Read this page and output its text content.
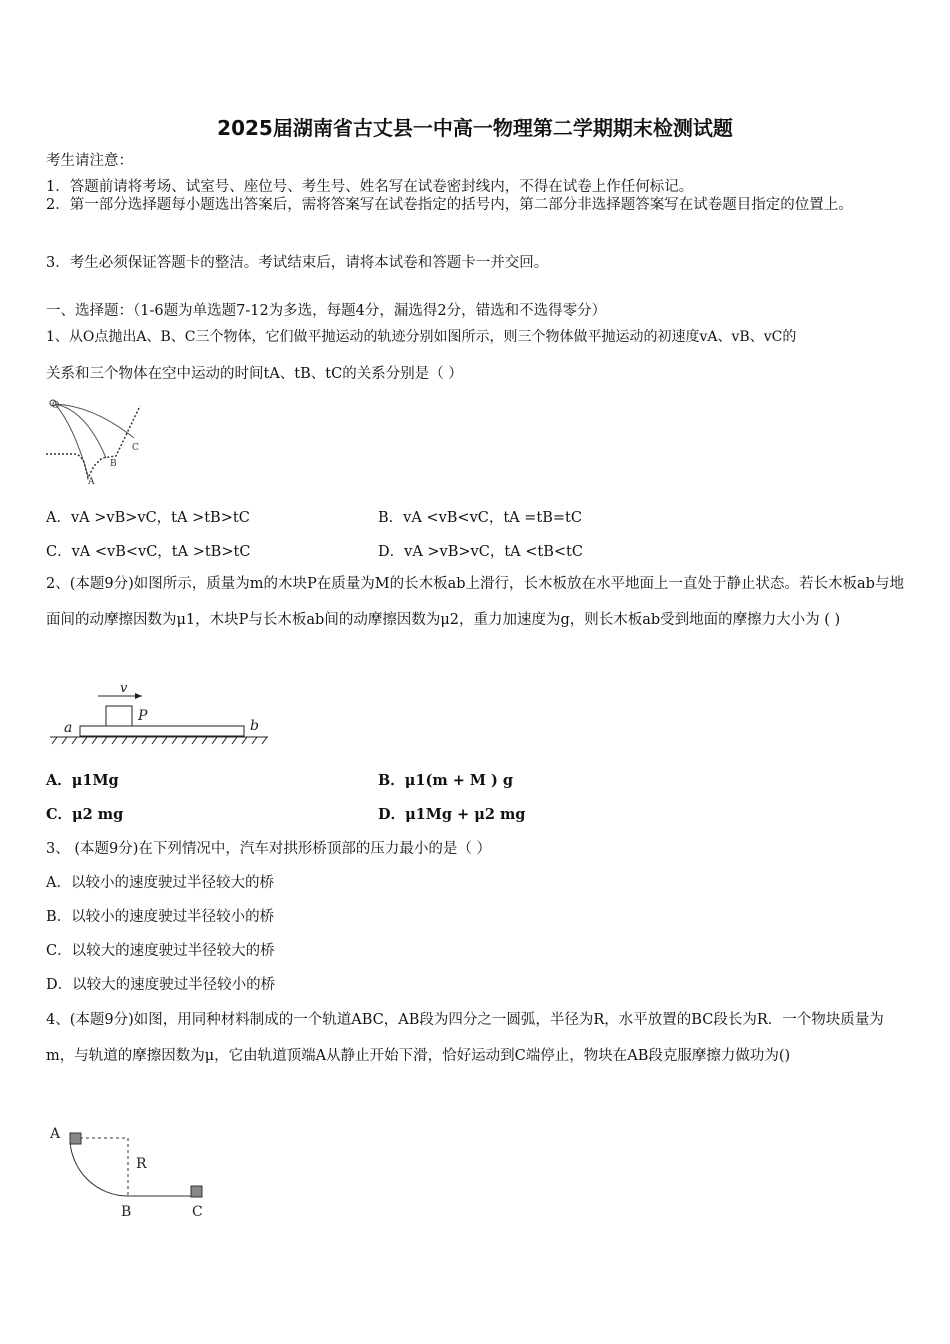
2025届湖南省古丈县一中高一物理第二学期期末检测试题
考生请注意：
1．答题前请将考场、试室号、座位号、考生号、姓名写在试卷密封线内，不得在试卷上作任何标记。
2．第一部分选择题每小题选出答案后，需将答案写在试卷指定的括号内，第二部分非选择题答案写在试卷题目指定的位置上。
3．考生必须保证答题卡的整洁。考试结束后，请将本试卷和答题卡一并交回。
一、选择题：（1-6题为单选题7-12为多选，每题4分，漏选得2分，错选和不选得零分）
1、从O点抛出A、B、C三个物体，它们做平抛运动的轨迹分别如图所示，则三个物体做平抛运动的初速度vA、vB、vC的
关系和三个物体在空中运动的时间tA、tB、tC的关系分别是（ ）
O
C
B
A
A．vA >vB>vC，tA >tB>tC	B．vA <vB<vC，tA =tB=tC
C．vA <vB<vC，tA >tB>tC	D．vA >vB>vC，tA <tB<tC
2、(本题9分)如图所示，质量为m的木块P在质量为M的长木板ab上滑行，长木板放在水平地面上一直处于静止状态。若长木板ab与地面间的动摩擦因数为μ1，木块P与长木板ab间的动摩擦因数为μ2，重力加速度为g，则长木板ab受到地面的摩擦力大小为 ( )
v
P
a	b
A．μ1Mg	B．μ1(m + M ) g
C．μ2 mg	D．μ1Mg + μ2 mg
3、 (本题9分)在下列情况中，汽车对拱形桥顶部的压力最小的是（ ）
A．以较小的速度驶过半径较大的桥
B．以较小的速度驶过半径较小的桥
C．以较大的速度驶过半径较大的桥
D．以较大的速度驶过半径较小的桥
4、(本题9分)如图，用同种材料制成的一个轨道ABC，AB段为四分之一圆弧，半径为R，水平放置的BC段长为R．一个物块质量为m，与轨道的摩擦因数为μ，它由轨道顶端A从静止开始下滑，恰好运动到C端停止，物块在AB段克服摩擦力做功为()
A
R
B	C
